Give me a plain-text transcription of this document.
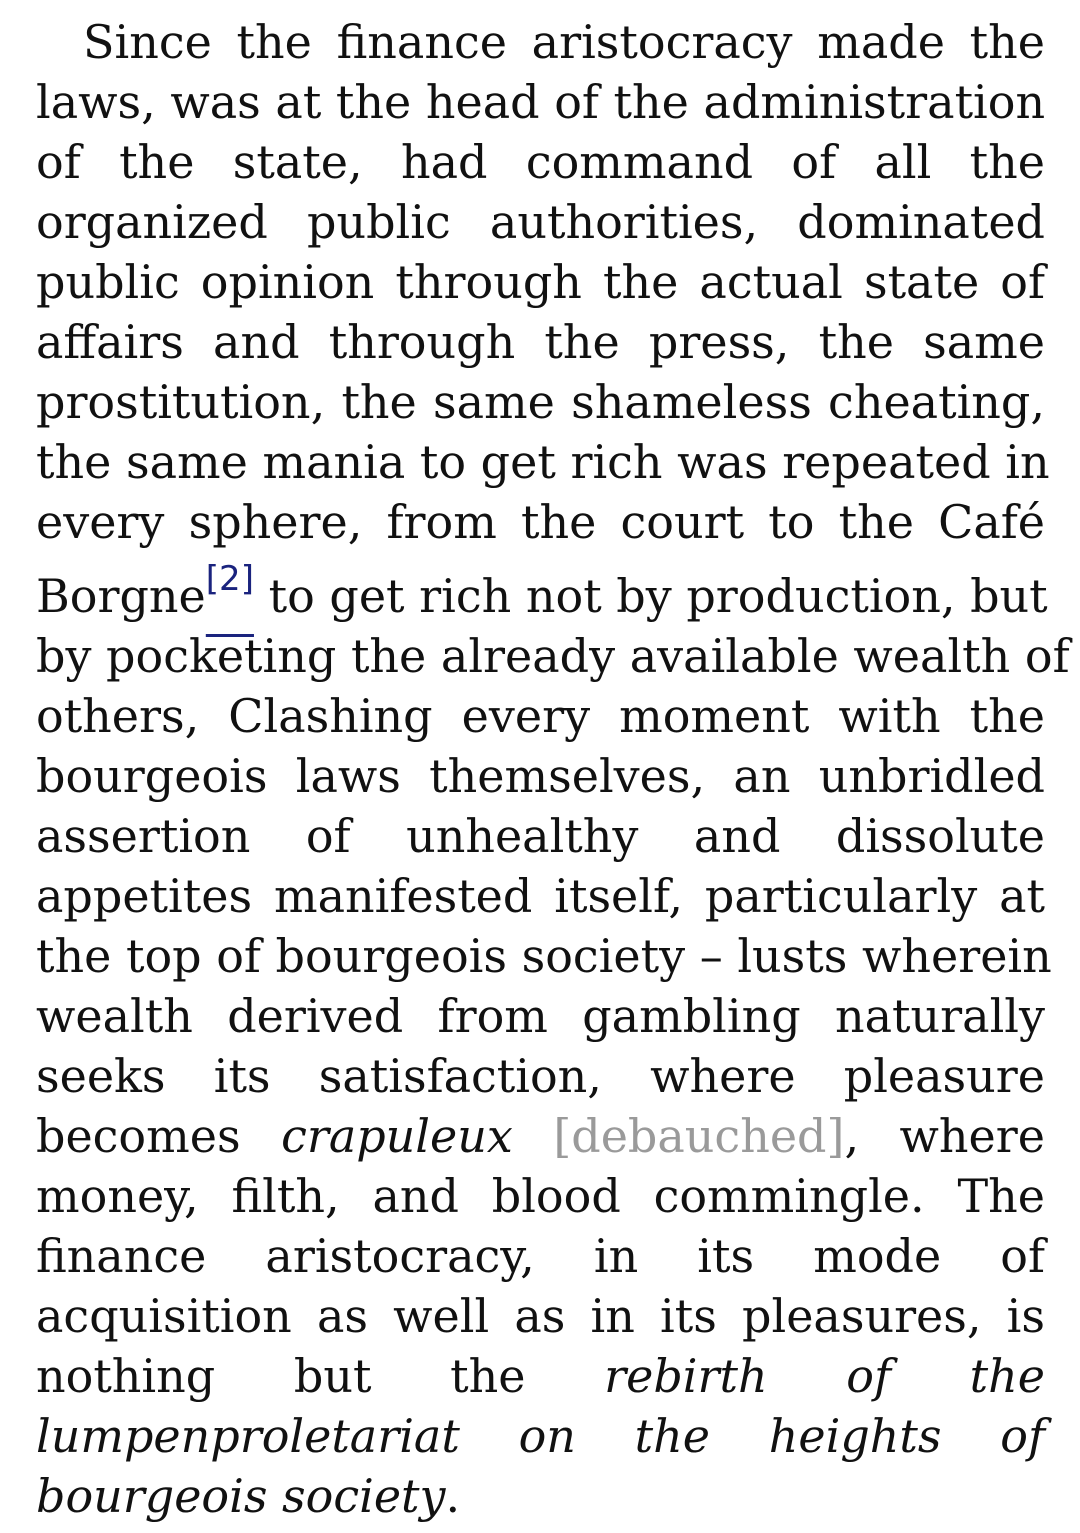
Since the finance aristocracy made the
laws, was at the head of the administration
of the state, had command of all the
organized public authorities, dominated
public opinion through the actual state of
affairs and through the press, the same
prostitution, the same shameless cheating,
the same mania to get rich was repeated in
every sphere, from the court to the Café
Borgne[2] to get rich not by production, but
by pocketing the already available wealth of
others, Clashing every moment with the
bourgeois laws themselves, an unbridled
assertion of unhealthy and dissolute
appetites manifested itself, particularly at
the top of bourgeois society – lusts wherein
wealth derived from gambling naturally
seeks its satisfaction, where pleasure
becomes crapuleux [debauched], where
money, filth, and blood commingle. The
finance aristocracy, in its mode of
acquisition as well as in its pleasures, is
nothing but the rebirth of the
lumpenproletariat on the heights of
bourgeois society.
